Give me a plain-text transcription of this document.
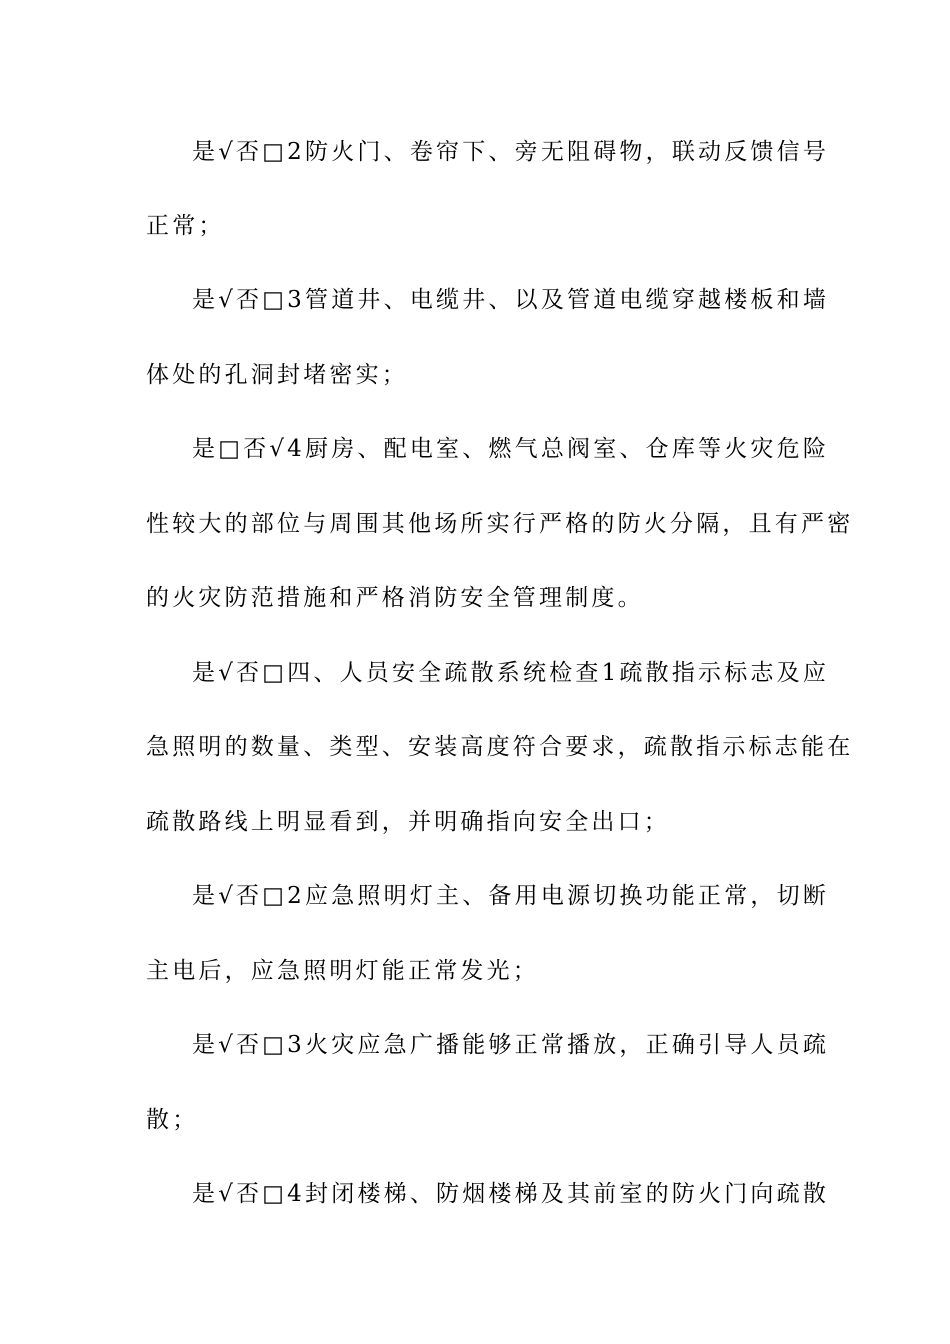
是√否□2防火门、卷帘下、旁无阻碍物，联动反馈信号
正常；
是√否□3管道井、电缆井、以及管道电缆穿越楼板和墙
体处的孔洞封堵密实；
是□否√4厨房、配电室、燃气总阀室、仓库等火灾危险
性较大的部位与周围其他场所实行严格的防火分隔，且有严密
的火灾防范措施和严格消防安全管理制度。
是√否□四、人员安全疏散系统检查1疏散指示标志及应
急照明的数量、类型、安装高度符合要求，疏散指示标志能在
疏散路线上明显看到，并明确指向安全出口；
是√否□2应急照明灯主、备用电源切换功能正常，切断
主电后，应急照明灯能正常发光；
是√否□3火灾应急广播能够正常播放，正确引导人员疏
散；
是√否□4封闭楼梯、防烟楼梯及其前室的防火门向疏散
